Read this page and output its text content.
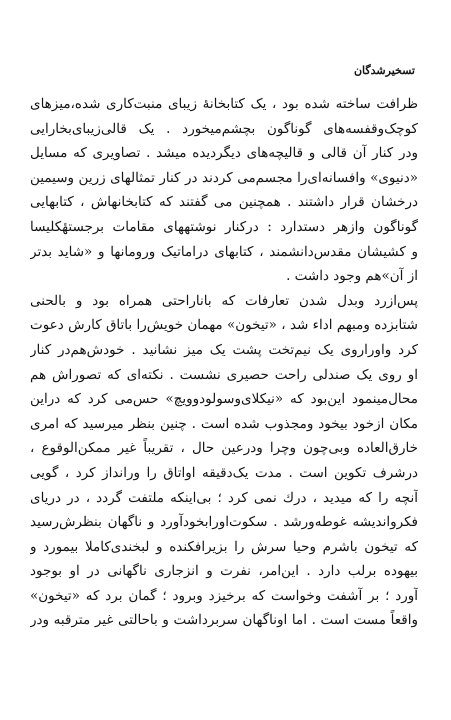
تسخیرشدگان
ظرافت ساخته شده بود ، یک کتابخانهٔ زیبای منبت‌کاری شده،میزهای
کوچک‌وقفسه‌های گوناگون بچشم‌میخورد . یک قالی‌زیبای‌بخارایی
ودر کنار آن قالی و قالیچه‌های دیگردیده میشد . تصاویری که مسایل
«دنیوی» وافسانه‌ای‌را مجسم‌می کردند در کنار تمثالهای زرین وسیمین
درخشان قرار داشتند . همچنین می گفتند که کتابخانهاش ، کتابهایی
گوناگون وازهر دستدارد : درکنار نوشتههای مقامات برجستهٔکلیسا
و کشیشان مقدس‌دانشمند ، کتابهای دراماتیک ورومانها و «شاید بدتر
از آن»هم وجود داشت .
پس‌ازرد وبدل شدن تعارفات که باناراحتی همراه بود و بالحنی
شتابزده ومبهم اداء شد ، «تیخون» مهمان خویش‌را باتاق کارش دعوت
کرد واوراروی یک نیم‌تخت پشت یک میز نشانید . خودش‌هم‌در کنار
او روی یک صندلی راحت حصیری نشست . نکته‌ای که تصوراش هم
محال‌مینمود این‌بود که «نیکلای‌وسولودوویچ» حس‌می کرد که دراین
مکان ازخود بیخود ومجذوب شده است . چنین بنظر میرسید که امری
خارق‌العاده وبی‌چون وچرا ودرعین حال ، تقریباً غیر ممکن‌الوقوع ،
درشرف تکوین است . مدت یک‌دقیقه اواتاق را ورانداز کرد ، گویی
آنچه را که میدید ، درك نمی کرد ؛ بی‌اینکه ملتفت گردد ، در دریای
فکرواندیشه غوطه‌ورشد . سکوت‌اورابخودآورد و ناگهان بنظرش‌رسید
که تیخون باشرم وحیا سرش را بزیرافکنده و لبخندی‌کاملا بیمورد و
بیهوده برلب دارد . این‌امر، نفرت و انزجاری ناگهانی در او بوجود
آورد ؛ بر آشفت وخواست که برخیزد وبرود ؛ گمان برد که «تیخون»
واقعاً مست است . اما اوناگهان سربرداشت و باحالتی غیر مترقبه ودر
